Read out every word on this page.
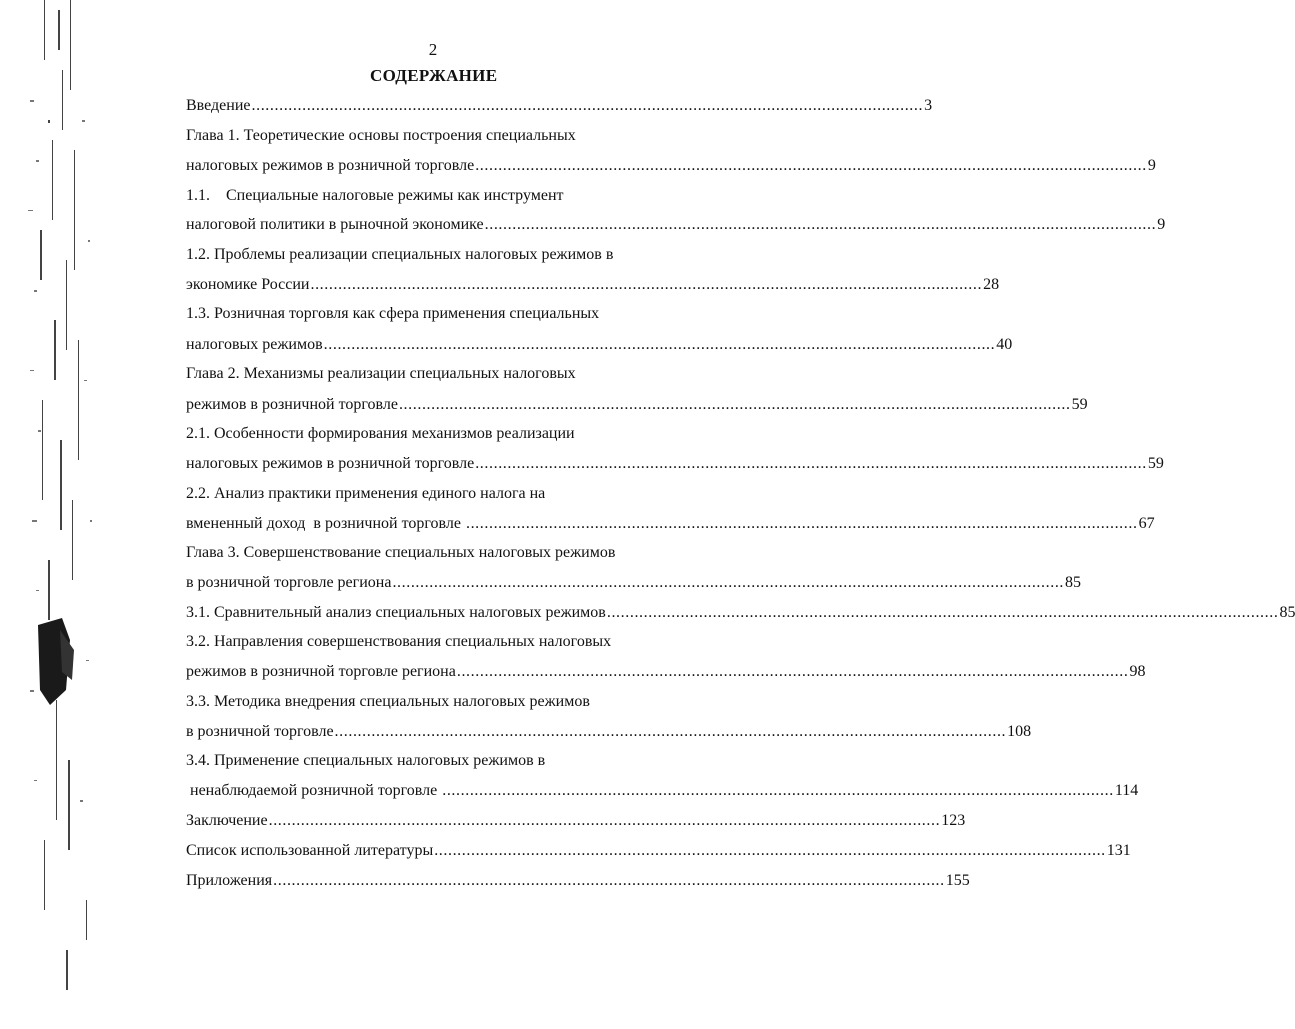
2
СОДЕРЖАНИЕ
Введение .................................................................................................................................................. 3
Глава 1. Теоретические основы построения специальных
налоговых режимов в розничной торговле .................................................................................................................................................. 9
1.1.    Специальные налоговые режимы как инструмент
налоговой политики в рыночной экономике .................................................................................................................................................. 9
1.2. Проблемы реализации специальных налоговых режимов в
экономике России .................................................................................................................................................. 28
1.3. Розничная торговля как сфера применения специальных
налоговых режимов .................................................................................................................................................. 40
Глава 2. Механизмы реализации специальных налоговых
режимов в розничной торговле .................................................................................................................................................. 59
2.1. Особенности формирования механизмов реализации
налоговых режимов в розничной торговле .................................................................................................................................................. 59
2.2. Анализ практики применения единого налога на
вмененный доход  в розничной торговле .................................................................................................................................................. 67
Глава 3. Совершенствование специальных налоговых режимов
в розничной торговле региона .................................................................................................................................................. 85
3.1. Сравнительный анализ специальных налоговых режимов .................................................................................................................................................. 85
3.2. Направления совершенствования специальных налоговых
режимов в розничной торговле региона .................................................................................................................................................. 98
3.3. Методика внедрения специальных налоговых режимов
в розничной торговле .................................................................................................................................................. 108
3.4. Применение специальных налоговых режимов в
ненаблюдаемой розничной торговле .................................................................................................................................................. 114
Заключение .................................................................................................................................................. 123
Список использованной литературы .................................................................................................................................................. 131
Приложения .................................................................................................................................................. 155
